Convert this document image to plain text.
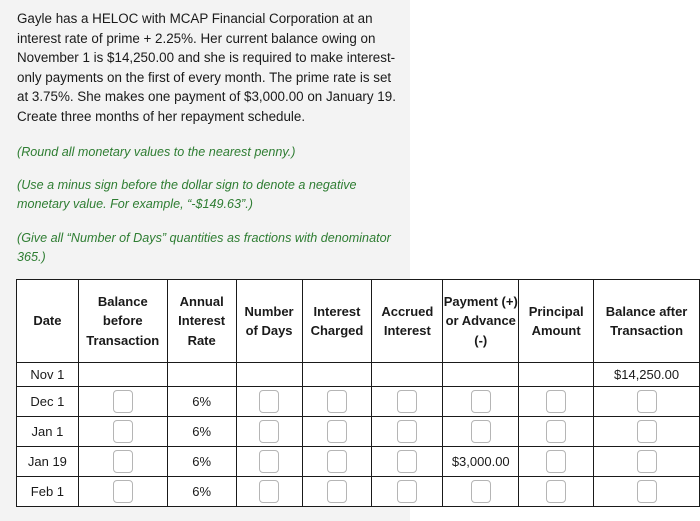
Gayle has a HELOC with MCAP Financial Corporation at an interest rate of prime + 2.25%. Her current balance owing on November 1 is $14,250.00 and she is required to make interest-only payments on the first of every month. The prime rate is set at 3.75%. She makes one payment of $3,000.00 on January 19. Create three months of her repayment schedule.

(Round all monetary values to the nearest penny.)

(Use a minus sign before the dollar sign to denote a negative monetary value. For example, “-$149.63”.)

(Give all “Number of Days” quantities as fractions with denominator 365.)

Date	Balance before Transaction	Annual Interest Rate	Number of Days	Interest Charged	Accrued Interest	Payment (+) or Advance (-)	Principal Amount	Balance after Transaction
Nov 1								$14,250.00
Dec 1		6%						
Jan 1		6%						
Jan 19		6%				$3,000.00		
Feb 1		6%						
